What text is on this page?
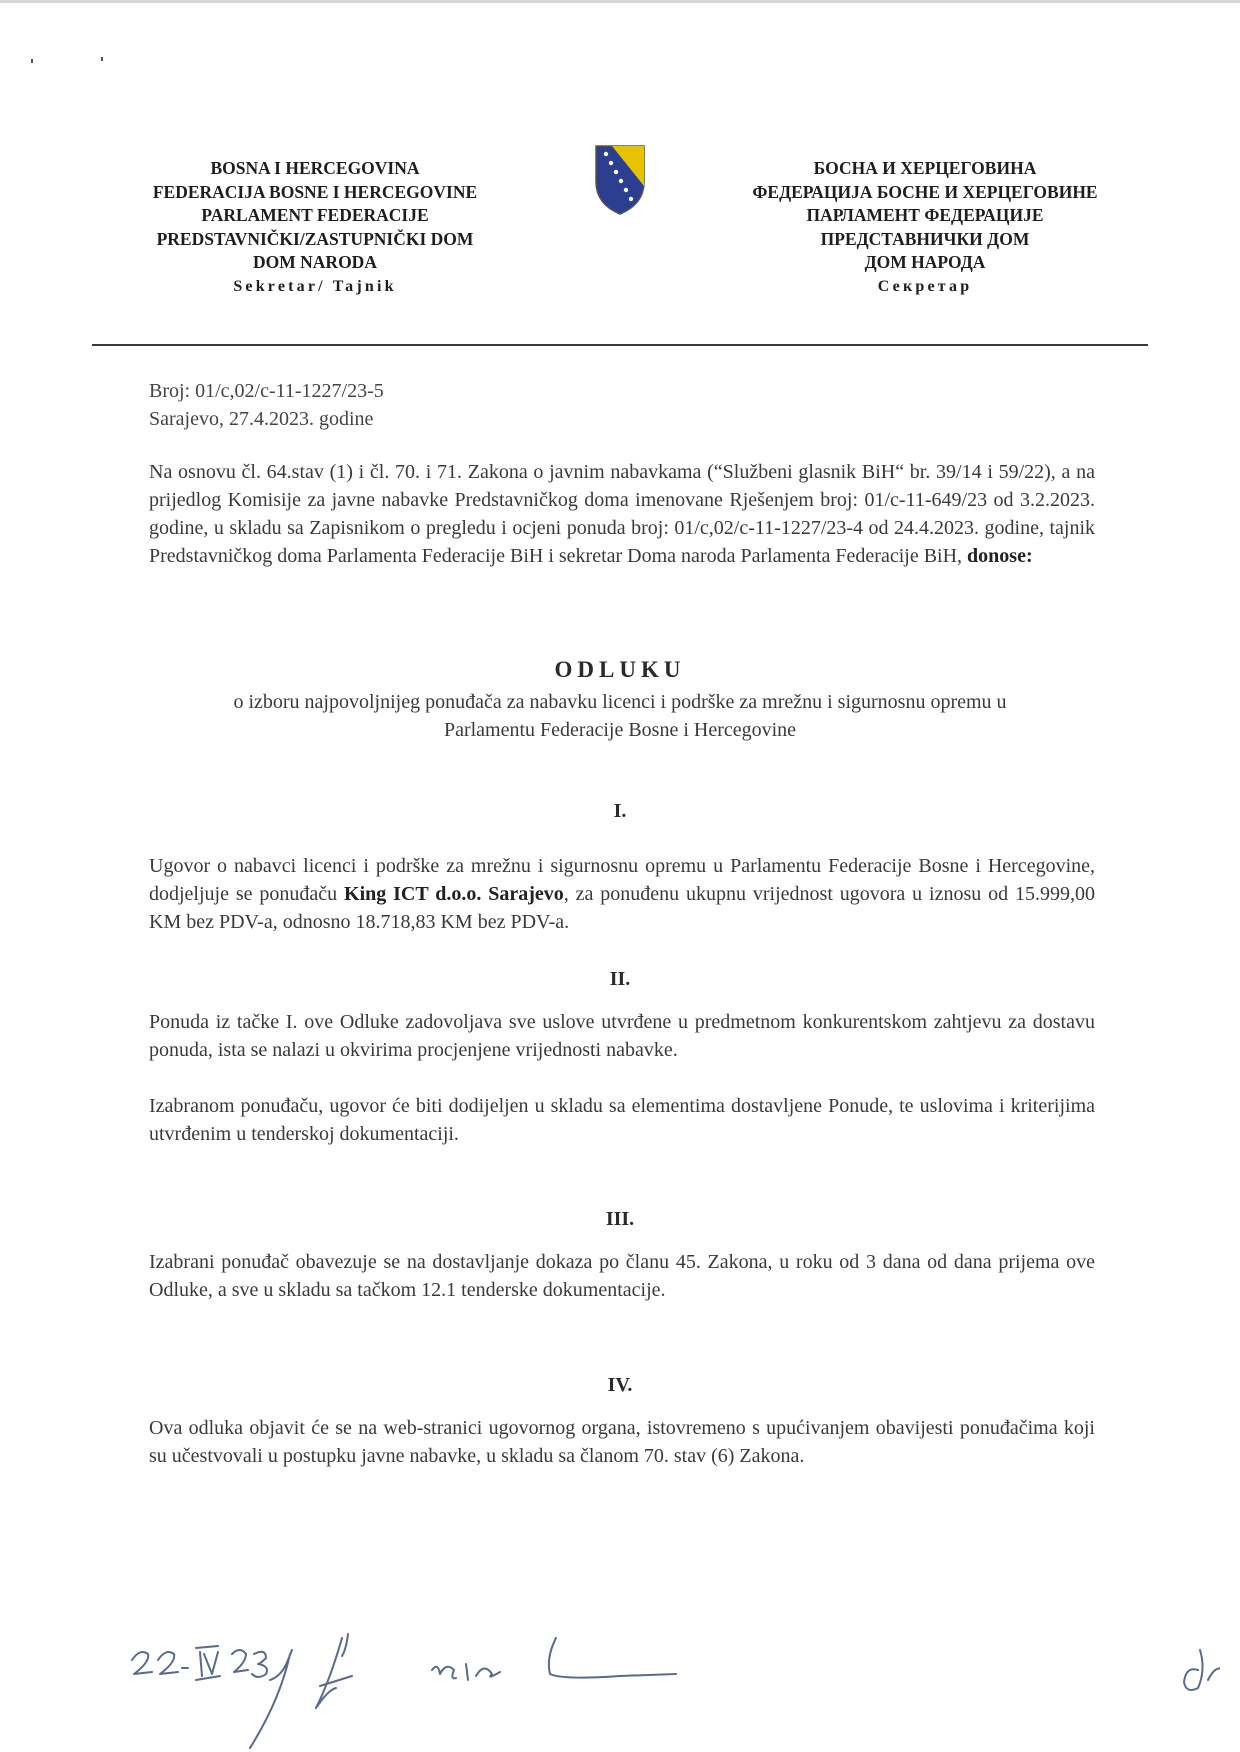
BOSNA I HERCEGOVINA
FEDERACIJA BOSNE I HERCEGOVINE
PARLAMENT FEDERACIJE
PREDSTAVNIČKI/ZASTUPNIČKI DOM
DOM NARODA
Sekretar/ Tajnik
БОСНА И ХЕРЦЕГОВИНА
ФЕДЕРАЦИЈА БОСНЕ И ХЕРЦЕГОВИНЕ
ПАРЛАМЕНТ ФЕДЕРАЦИЈЕ
ПРЕДСТАВНИЧКИ ДОМ
ДОМ НАРОДА
Секретар
Broj: 01/c,02/c-11-1227/23-5
Sarajevo, 27.4.2023. godine
Na osnovu čl. 64.stav (1) i čl. 70. i 71. Zakona o javnim nabavkama (“Službeni glasnik BiH“ br. 39/14 i 59/22), a na prijedlog Komisije za javne nabavke Predstavničkog doma imenovane Rješenjem broj: 01/c-11-649/23 od 3.2.2023. godine, u skladu sa Zapisnikom o pregledu i ocjeni ponuda broj: 01/c,02/c-11-1227/23-4 od 24.4.2023. godine, tajnik Predstavničkog doma Parlamenta Federacije BiH i sekretar Doma naroda Parlamenta Federacije BiH, donose:
ODLUKU
o izboru najpovoljnijeg ponuđača za nabavku licenci i podrške za mrežnu i sigurnosnu opremu u
Parlamentu Federacije Bosne i Hercegovine
I.
Ugovor o nabavci licenci i podrške za mrežnu i sigurnosnu opremu u Parlamentu Federacije Bosne i Hercegovine, dodjeljuje se ponuđaču King ICT d.o.o. Sarajevo, za ponuđenu ukupnu vrijednost ugovora u iznosu od 15.999,00 KM bez PDV-a, odnosno 18.718,83 KM bez PDV-a.
II.
Ponuda iz tačke I. ove Odluke zadovoljava sve uslove utvrđene u predmetnom konkurentskom zahtjevu za dostavu ponuda, ista se nalazi u okvirima procjenjene vrijednosti nabavke.
Izabranom ponuđaču, ugovor će biti dodijeljen u skladu sa elementima dostavljene Ponude, te uslovima i kriterijima utvrđenim u tenderskoj dokumentaciji.
III.
Izabrani ponuđač obavezuje se na dostavljanje dokaza po članu 45. Zakona, u roku od 3 dana od dana prijema ove Odluke, a sve u skladu sa tačkom 12.1 tenderske dokumentacije.
IV.
Ova odluka objavit će se na web-stranici ugovornog organa, istovremeno s upućivanjem obavijesti ponuđačima koji su učestvovali u postupku javne nabavke, u skladu sa članom 70. stav (6) Zakona.
